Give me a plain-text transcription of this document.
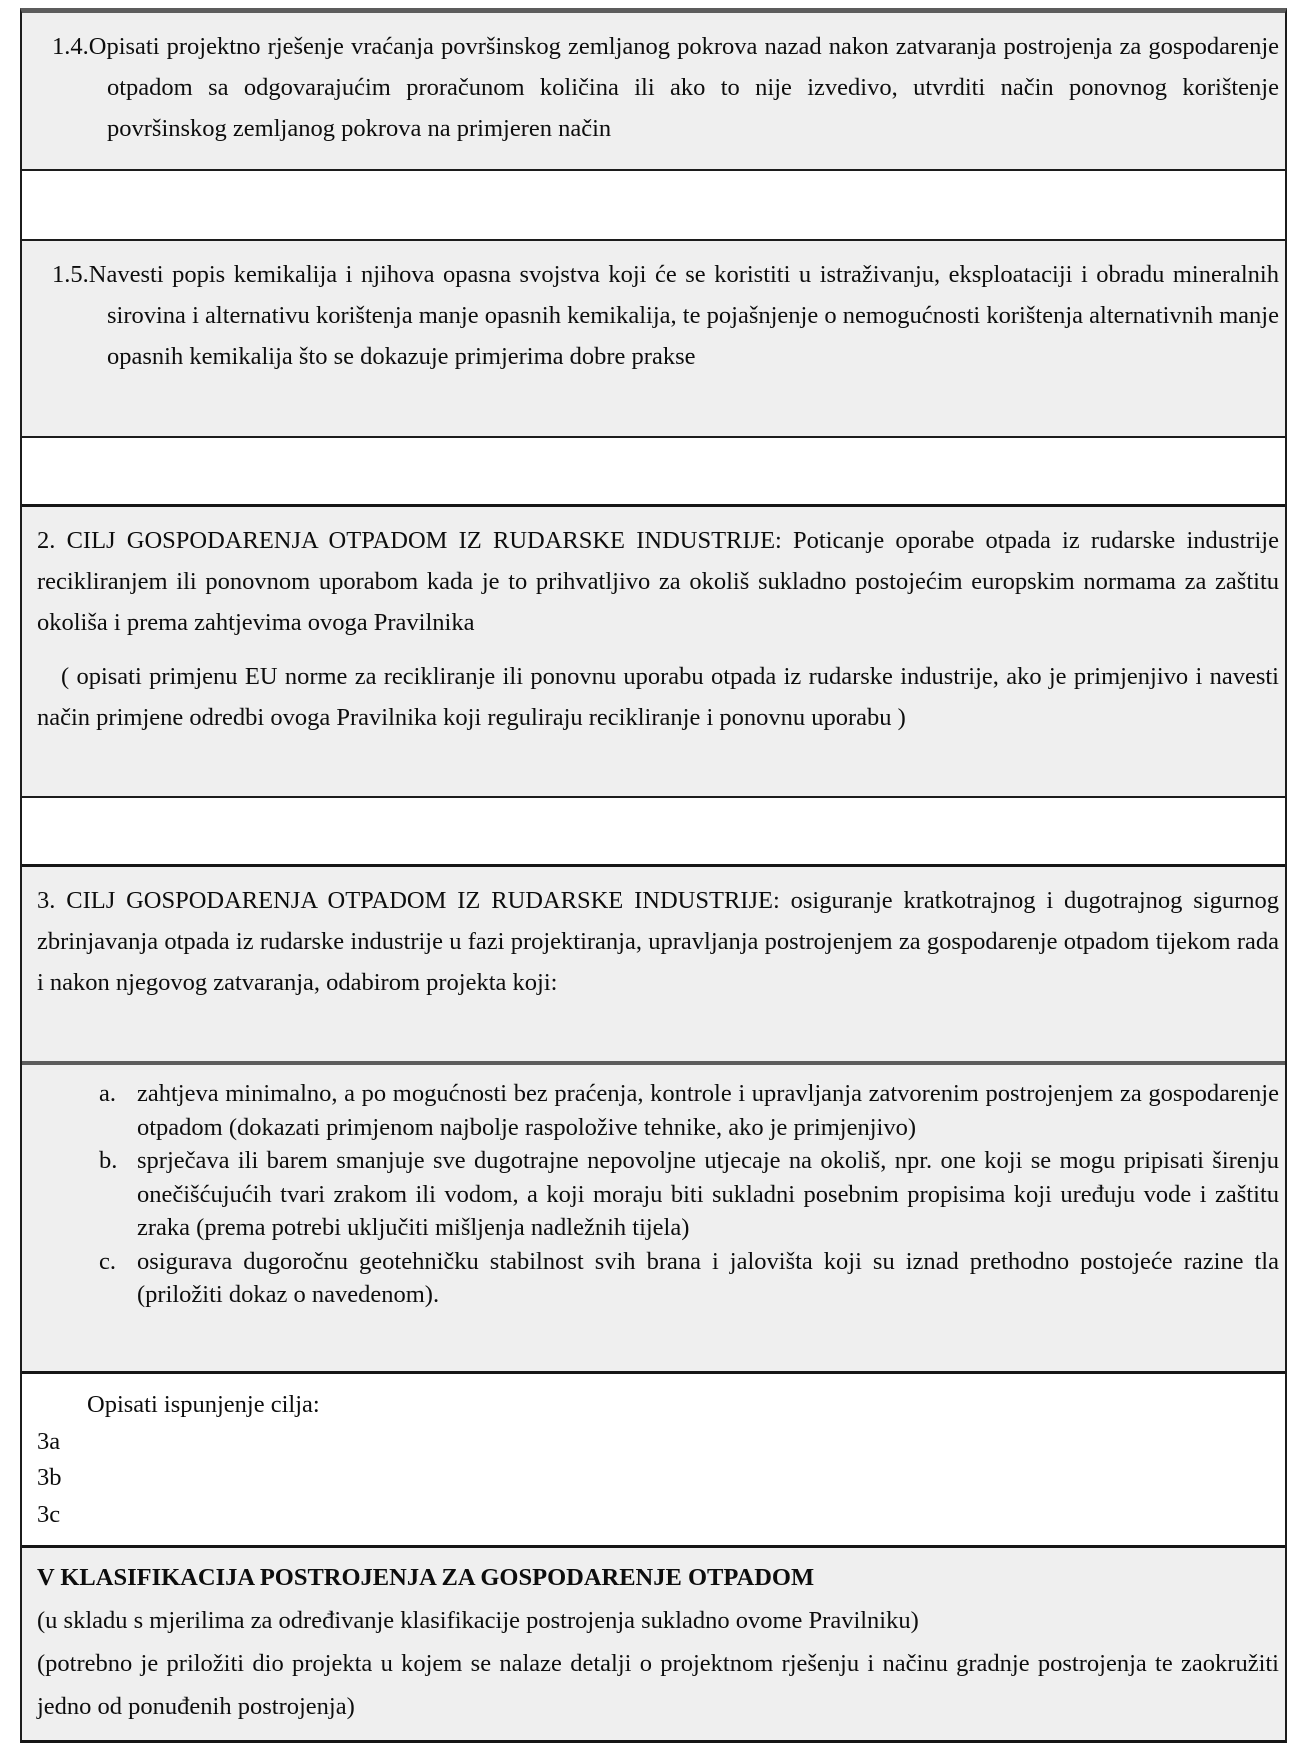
1.4.Opisati projektno rješenje vraćanja površinskog zemljanog pokrova nazad nakon zatvaranja postrojenja za gospodarenje otpadom sa odgovarajućim proračunom količina ili ako to nije izvedivo, utvrditi način ponovnog korištenje površinskog zemljanog pokrova na primjeren način
1.5.Navesti popis kemikalija i njihova opasna svojstva koji će se koristiti u istraživanju, eksploataciji i obradu mineralnih sirovina i alternativu korištenja manje opasnih kemikalija, te pojašnjenje o nemogućnosti korištenja alternativnih manje opasnih kemikalija što se dokazuje primjerima dobre prakse
2. CILJ GOSPODARENJA OTPADOM IZ RUDARSKE INDUSTRIJE: Poticanje oporabe otpada iz rudarske industrije recikliranjem ili ponovnom uporabom kada je to prihvatljivo za okoliš sukladno postojećim europskim normama za zaštitu okoliša i prema zahtjevima ovoga Pravilnika
( opisati primjenu EU norme za recikliranje ili ponovnu uporabu otpada iz rudarske industrije, ako je primjenjivo i navesti način primjene odredbi ovoga Pravilnika koji reguliraju recikliranje i ponovnu uporabu )
3. CILJ GOSPODARENJA OTPADOM IZ RUDARSKE INDUSTRIJE: osiguranje kratkotrajnog i dugotrajnog sigurnog zbrinjavanja otpada iz rudarske industrije u fazi projektiranja, upravljanja postrojenjem za gospodarenje otpadom tijekom rada i nakon njegovog zatvaranja, odabirom projekta koji:
a. zahtjeva minimalno, a po mogućnosti bez praćenja, kontrole i upravljanja zatvorenim postrojenjem za gospodarenje otpadom (dokazati primjenom najbolje raspoložive tehnike, ako je primjenjivo)
b. sprječava ili barem smanjuje sve dugotrajne nepovoljne utjecaje na okoliš, npr. one koji se mogu pripisati širenju onečišćujućih tvari zrakom ili vodom, a koji moraju biti sukladni posebnim propisima koji uređuju vode i zaštitu zraka (prema potrebi uključiti mišljenja nadležnih tijela)
c. osigurava dugoročnu geotehničku stabilnost svih brana i jalovišta koji su iznad prethodno postojeće razine tla (priložiti dokaz o navedenom).
Opisati ispunjenje cilja:
3a
3b
3c
V KLASIFIKACIJA POSTROJENJA ZA GOSPODARENJE OTPADOM
(u skladu s mjerilima za određivanje klasifikacije postrojenja sukladno ovome Pravilniku)
(potrebno je priložiti dio projekta u kojem se nalaze detalji o projektnom rješenju i načinu gradnje postrojenja te zaokružiti jedno od ponuđenih postrojenja)
